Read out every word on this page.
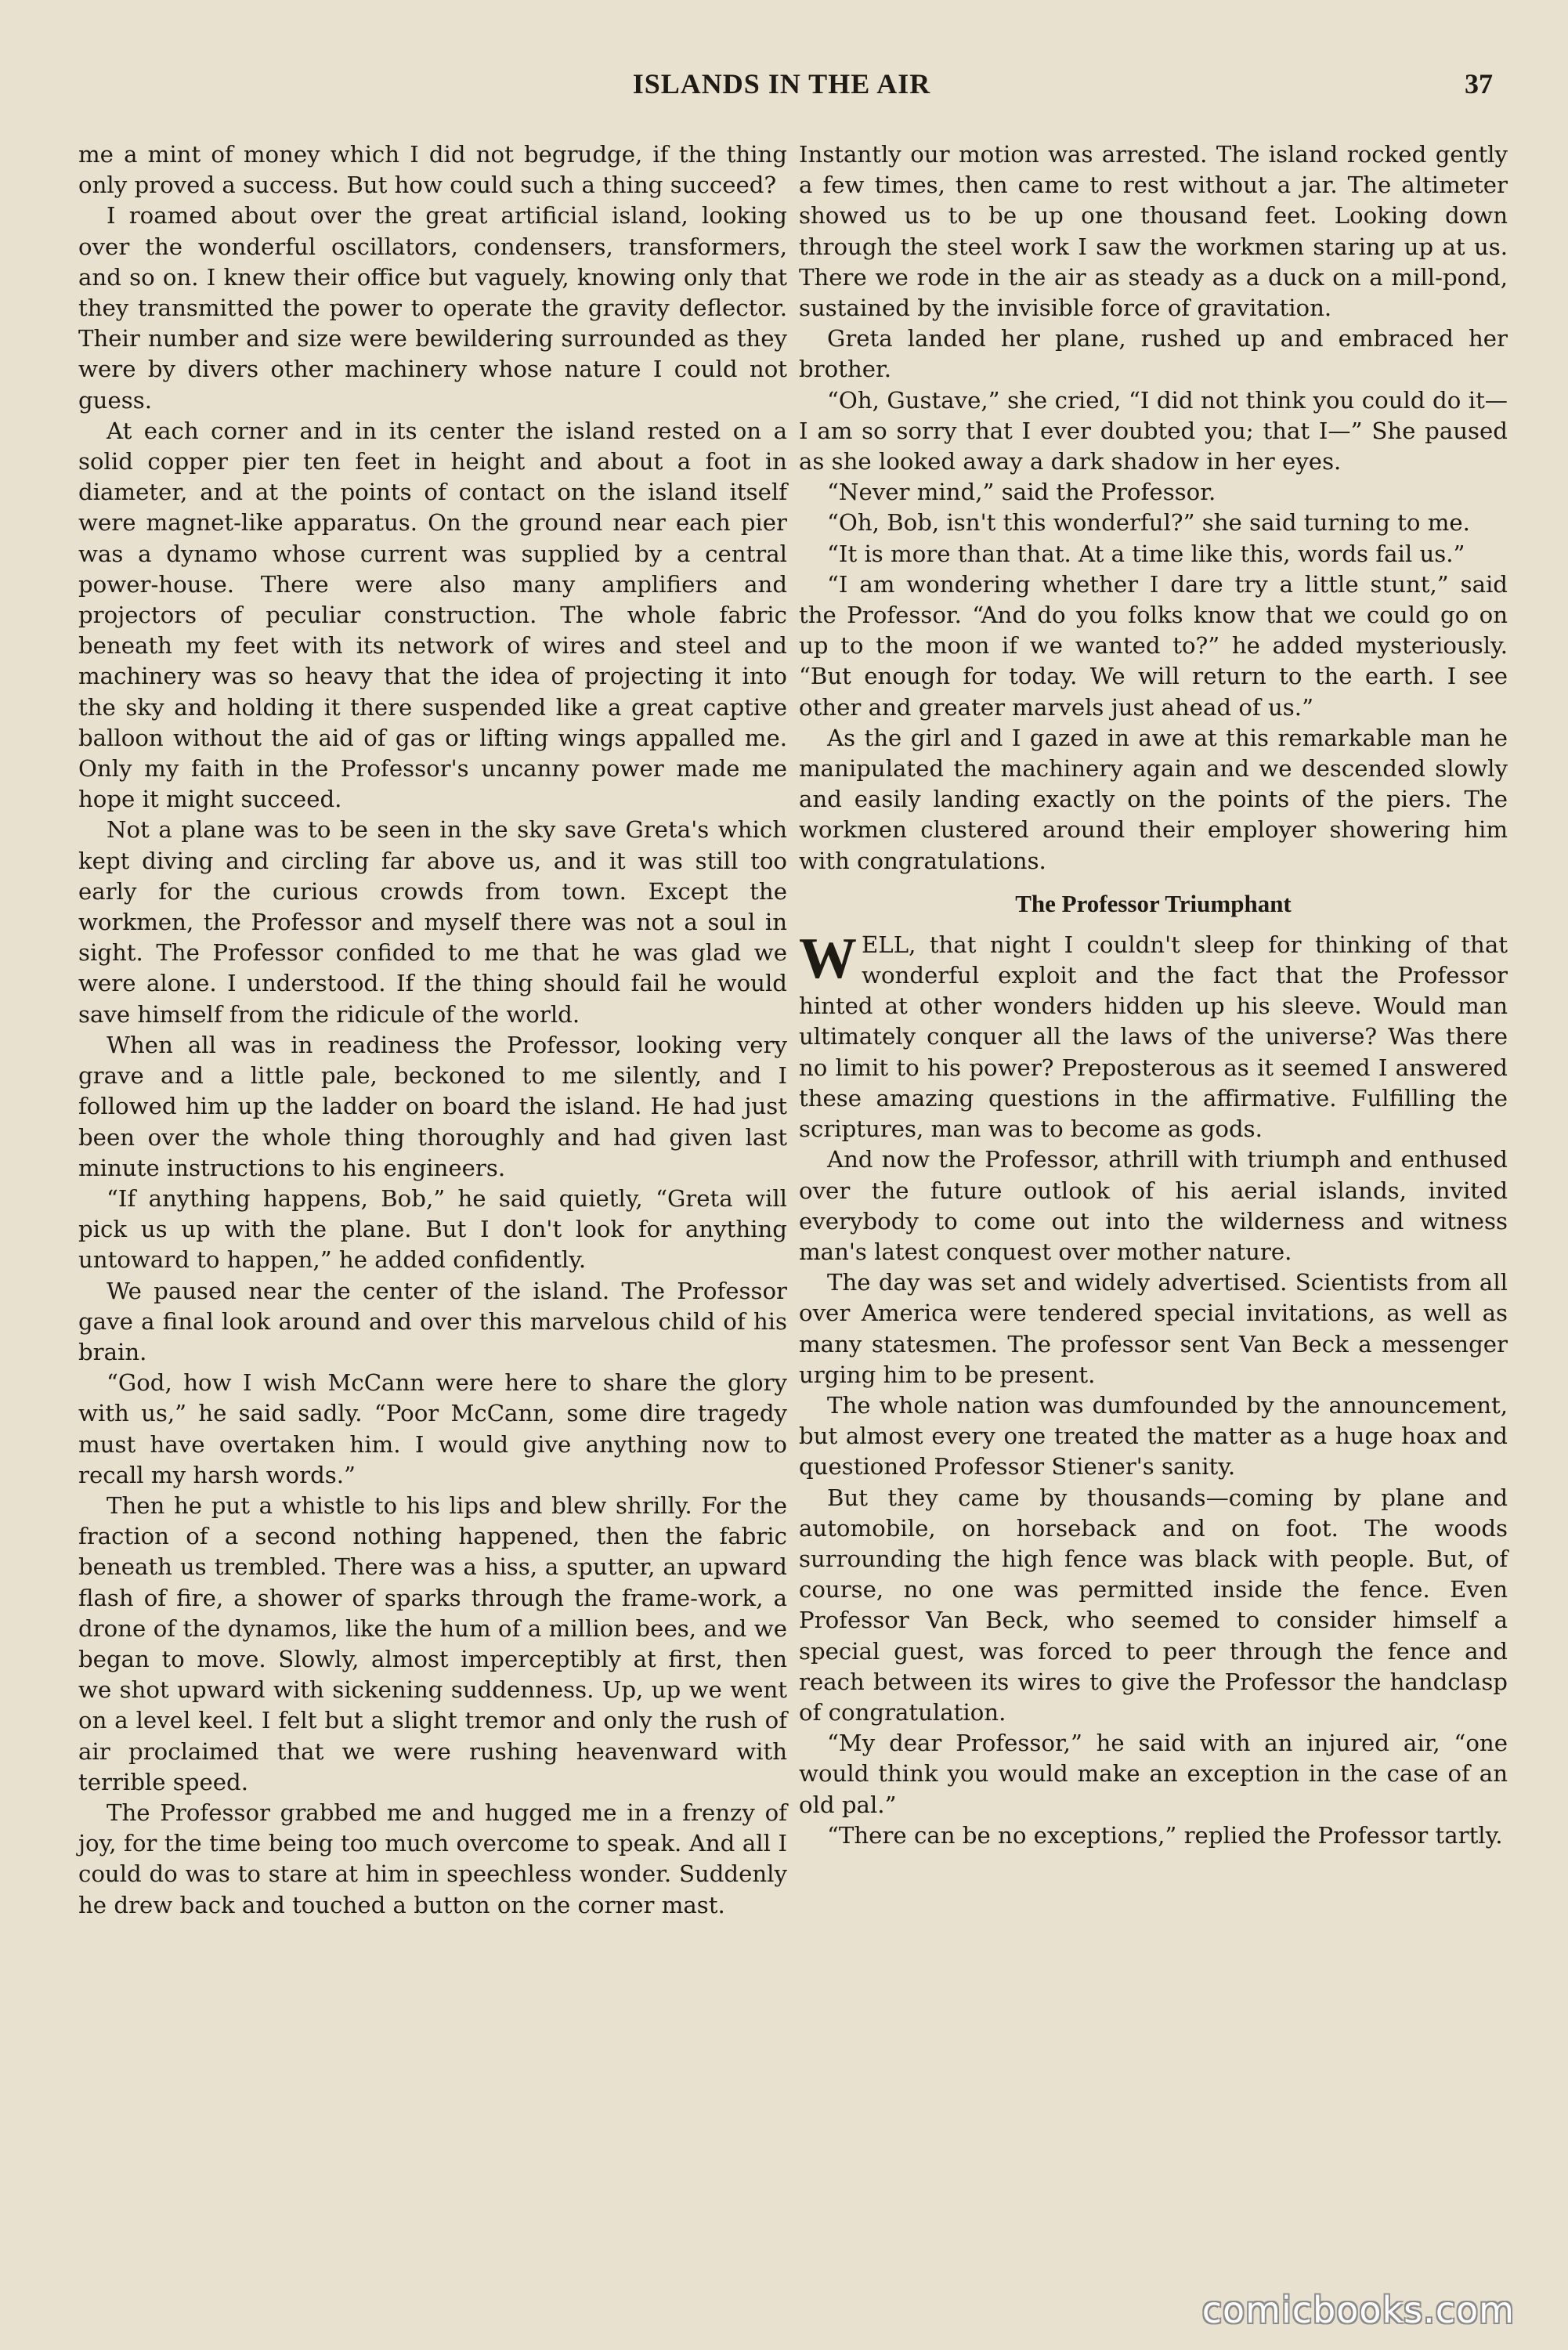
ISLANDS IN THE AIR	37

me a mint of money which I did not begrudge, if the thing only proved a success. But how could such a thing succeed?

I roamed about over the great artificial island, looking over the wonderful oscillators, condensers, transformers, and so on. I knew their office but vaguely, knowing only that they transmitted the power to operate the gravity deflector. Their number and size were bewildering surrounded as they were by divers other machinery whose nature I could not guess.

At each corner and in its center the island rested on a solid copper pier ten feet in height and about a foot in diameter, and at the points of contact on the island itself were magnet-like apparatus. On the ground near each pier was a dynamo whose current was supplied by a central power-house. There were also many amplifiers and projectors of peculiar construction. The whole fabric beneath my feet with its network of wires and steel and machinery was so heavy that the idea of projecting it into the sky and holding it there suspended like a great captive balloon without the aid of gas or lifting wings appalled me. Only my faith in the Professor's uncanny power made me hope it might succeed.

Not a plane was to be seen in the sky save Greta's which kept diving and circling far above us, and it was still too early for the curious crowds from town. Except the workmen, the Professor and myself there was not a soul in sight. The Professor confided to me that he was glad we were alone. I understood. If the thing should fail he would save himself from the ridicule of the world.

When all was in readiness the Professor, looking very grave and a little pale, beckoned to me silently, and I followed him up the ladder on board the island. He had just been over the whole thing thoroughly and had given last minute instructions to his engineers.

“If anything happens, Bob,” he said quietly, “Greta will pick us up with the plane. But I don't look for anything untoward to happen,” he added confidently.

We paused near the center of the island. The Professor gave a final look around and over this marvelous child of his brain.

“God, how I wish McCann were here to share the glory with us,” he said sadly. “Poor McCann, some dire tragedy must have overtaken him. I would give anything now to recall my harsh words.”

Then he put a whistle to his lips and blew shrilly. For the fraction of a second nothing happened, then the fabric beneath us trembled. There was a hiss, a sputter, an upward flash of fire, a shower of sparks through the frame-work, a drone of the dynamos, like the hum of a million bees, and we began to move. Slowly, almost imperceptibly at first, then we shot upward with sickening suddenness. Up, up we went on a level keel. I felt but a slight tremor and only the rush of air proclaimed that we were rushing heavenward with terrible speed.

The Professor grabbed me and hugged me in a frenzy of joy, for the time being too much overcome to speak. And all I could do was to stare at him in speechless wonder. Suddenly he drew back and touched a button on the corner mast.

Instantly our motion was arrested. The island rocked gently a few times, then came to rest without a jar. The altimeter showed us to be up one thousand feet. Looking down through the steel work I saw the workmen staring up at us. There we rode in the air as steady as a duck on a mill-pond, sustained by the invisible force of gravitation.

Greta landed her plane, rushed up and embraced her brother.

“Oh, Gustave,” she cried, “I did not think you could do it—I am so sorry that I ever doubted you; that I—” She paused as she looked away a dark shadow in her eyes.

“Never mind,” said the Professor.

“Oh, Bob, isn't this wonderful?” she said turning to me.

“It is more than that. At a time like this, words fail us.”

“I am wondering whether I dare try a little stunt,” said the Professor. “And do you folks know that we could go on up to the moon if we wanted to?” he added mysteriously. “But enough for today. We will return to the earth. I see other and greater marvels just ahead of us.”

As the girl and I gazed in awe at this remarkable man he manipulated the machinery again and we descended slowly and easily landing exactly on the points of the piers. The workmen clustered around their employer showering him with congratulations.

The Professor Triumphant

WELL, that night I couldn't sleep for thinking of that wonderful exploit and the fact that the Professor hinted at other wonders hidden up his sleeve. Would man ultimately conquer all the laws of the universe? Was there no limit to his power? Preposterous as it seemed I answered these amazing questions in the affirmative. Fulfilling the scriptures, man was to become as gods.

And now the Professor, athrill with triumph and enthused over the future outlook of his aerial islands, invited everybody to come out into the wilderness and witness man's latest conquest over mother nature.

The day was set and widely advertised. Scientists from all over America were tendered special invitations, as well as many statesmen. The professor sent Van Beck a messenger urging him to be present.

The whole nation was dumfounded by the announcement, but almost every one treated the matter as a huge hoax and questioned Professor Stiener's sanity.

But they came by thousands—coming by plane and automobile, on horseback and on foot. The woods surrounding the high fence was black with people. But, of course, no one was permitted inside the fence. Even Professor Van Beck, who seemed to consider himself a special guest, was forced to peer through the fence and reach between its wires to give the Professor the handclasp of congratulation.

“My dear Professor,” he said with an injured air, “one would think you would make an exception in the case of an old pal.”

“There can be no exceptions,” replied the Professor tartly.

comicbooks.com
